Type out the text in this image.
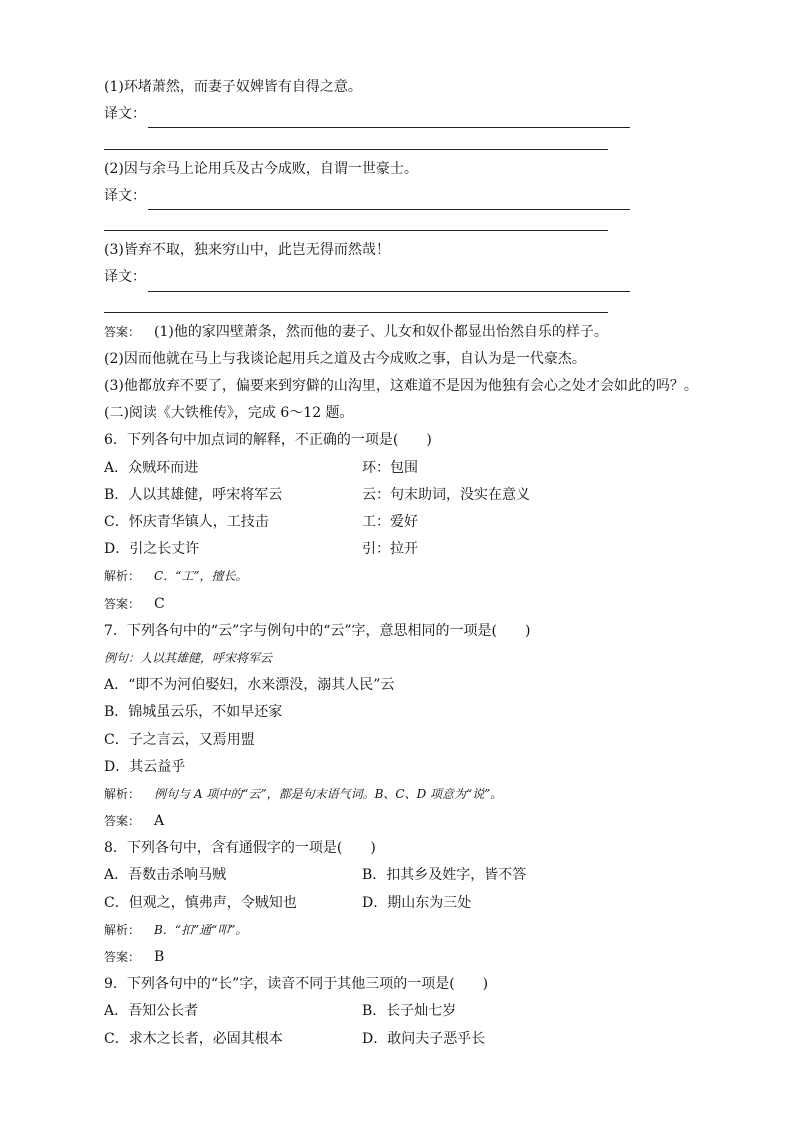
(1)环堵萧然，而妻子奴婢皆有自得之意。
译文：
(2)因与余马上论用兵及古今成败，自谓一世豪士。
译文：
(3)皆弃不取，独来穷山中，此岂无得而然哉！
译文：
答案： (1)他的家四壁萧条，然而他的妻子、儿女和奴仆都显出怡然自乐的样子。
(2)因而他就在马上与我谈论起用兵之道及古今成败之事，自认为是一代豪杰。
(3)他都放弃不要了，偏要来到穷僻的山沟里，这难道不是因为他独有会心之处才会如此的吗？。
(二)阅读《大铁椎传》，完成 6～12 题。
6．下列各句中加点词的解释，不正确的一项是(　　)
A．众贼环而进	环：包围
B．人以其雄健，呼宋将军云	云：句末助词，没实在意义
C．怀庆青华镇人，工技击	工：爱好
D．引之长丈许	引：拉开
解析： C．“工”，擅长。
答案： C
7．下列各句中的“云”字与例句中的“云”字，意思相同的一项是(　　)
例句：人以其雄健，呼宋将军云
A．“即不为河伯娶妇，水来漂没，溺其人民”云
B．锦城虽云乐，不如早还家
C．子之言云，又焉用盟
D．其云益乎
解析： 例句与 A 项中的“云”，都是句末语气词。B、C、D 项意为“说”。
答案： A
8．下列各句中，含有通假字的一项是(　　)
A．吾数击杀响马贼	B．扣其乡及姓字，皆不答
C．但观之，慎弗声，令贼知也	D．期山东为三处
解析： B．“扣”通“叩”。
答案： B
9．下列各句中的“长”字，读音不同于其他三项的一项是(　　)
A．吾知公长者	B．长子灿七岁
C．求木之长者，必固其根本	D．敢问夫子恶乎长
